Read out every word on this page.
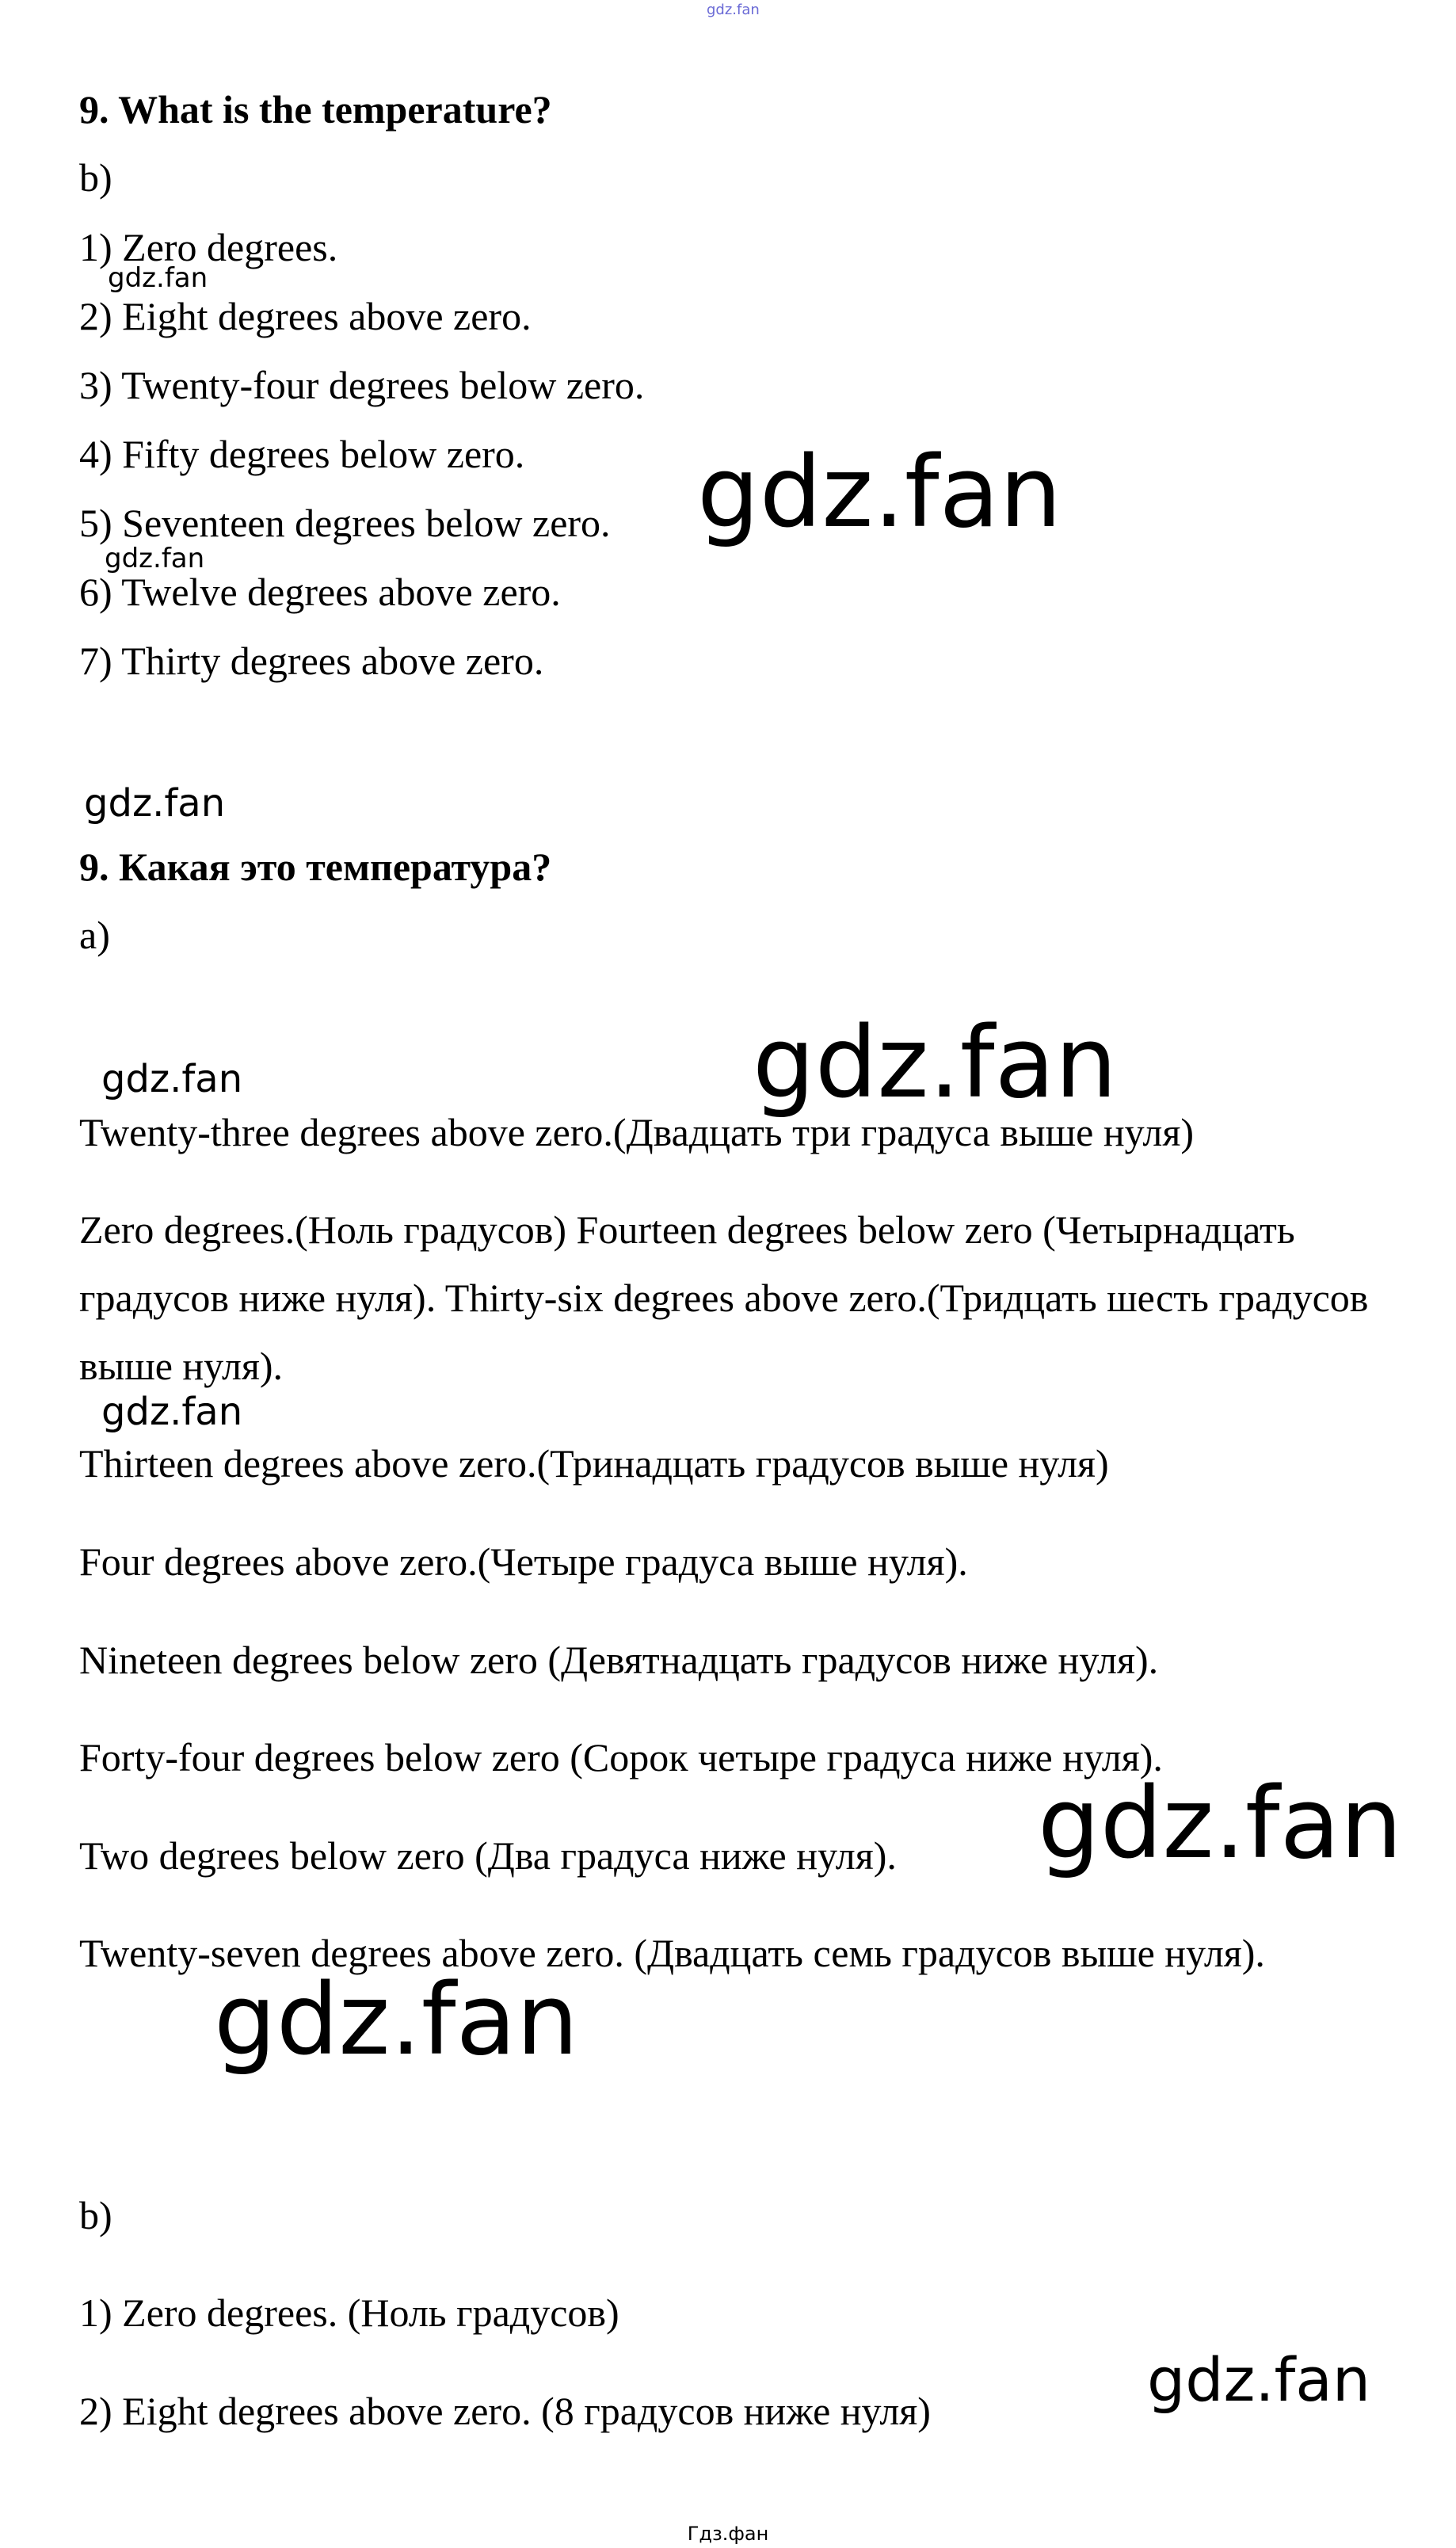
gdz.fan
9. What is the temperature?
b)
1) Zero degrees.
2) Eight degrees above zero.
3) Twenty-four degrees below zero.
4) Fifty degrees below zero.
5) Seventeen degrees below zero.
6) Twelve degrees above zero.
7) Thirty degrees above zero.
9. Какая это температура?
a)
Twenty-three degrees above zero.(Двадцать три градуса выше нуля)
Zero degrees.(Ноль градусов) Fourteen degrees below zero (Четырнадцать градусов ниже нуля). Thirty-six degrees above zero.(Тридцать шесть градусов выше нуля).
Thirteen degrees above zero.(Тринадцать градусов выше нуля)
Four degrees above zero.(Четыре градуса выше нуля).
Nineteen degrees below zero (Девятнадцать градусов ниже нуля).
Forty-four degrees below zero (Сорок четыре градуса ниже нуля).
Two degrees below zero (Два градуса ниже нуля).
Twenty-seven degrees above zero. (Двадцать семь градусов выше нуля).
b)
1) Zero degrees. (Ноль градусов)
2) Eight degrees above zero. (8 градусов ниже нуля)
gdz.fan
gdz.fan
gdz.fan
gdz.fan
gdz.fan	gdz.fan
gdz.fan
gdz.fan
gdz.fan
gdz.fan
Гдз.фан
